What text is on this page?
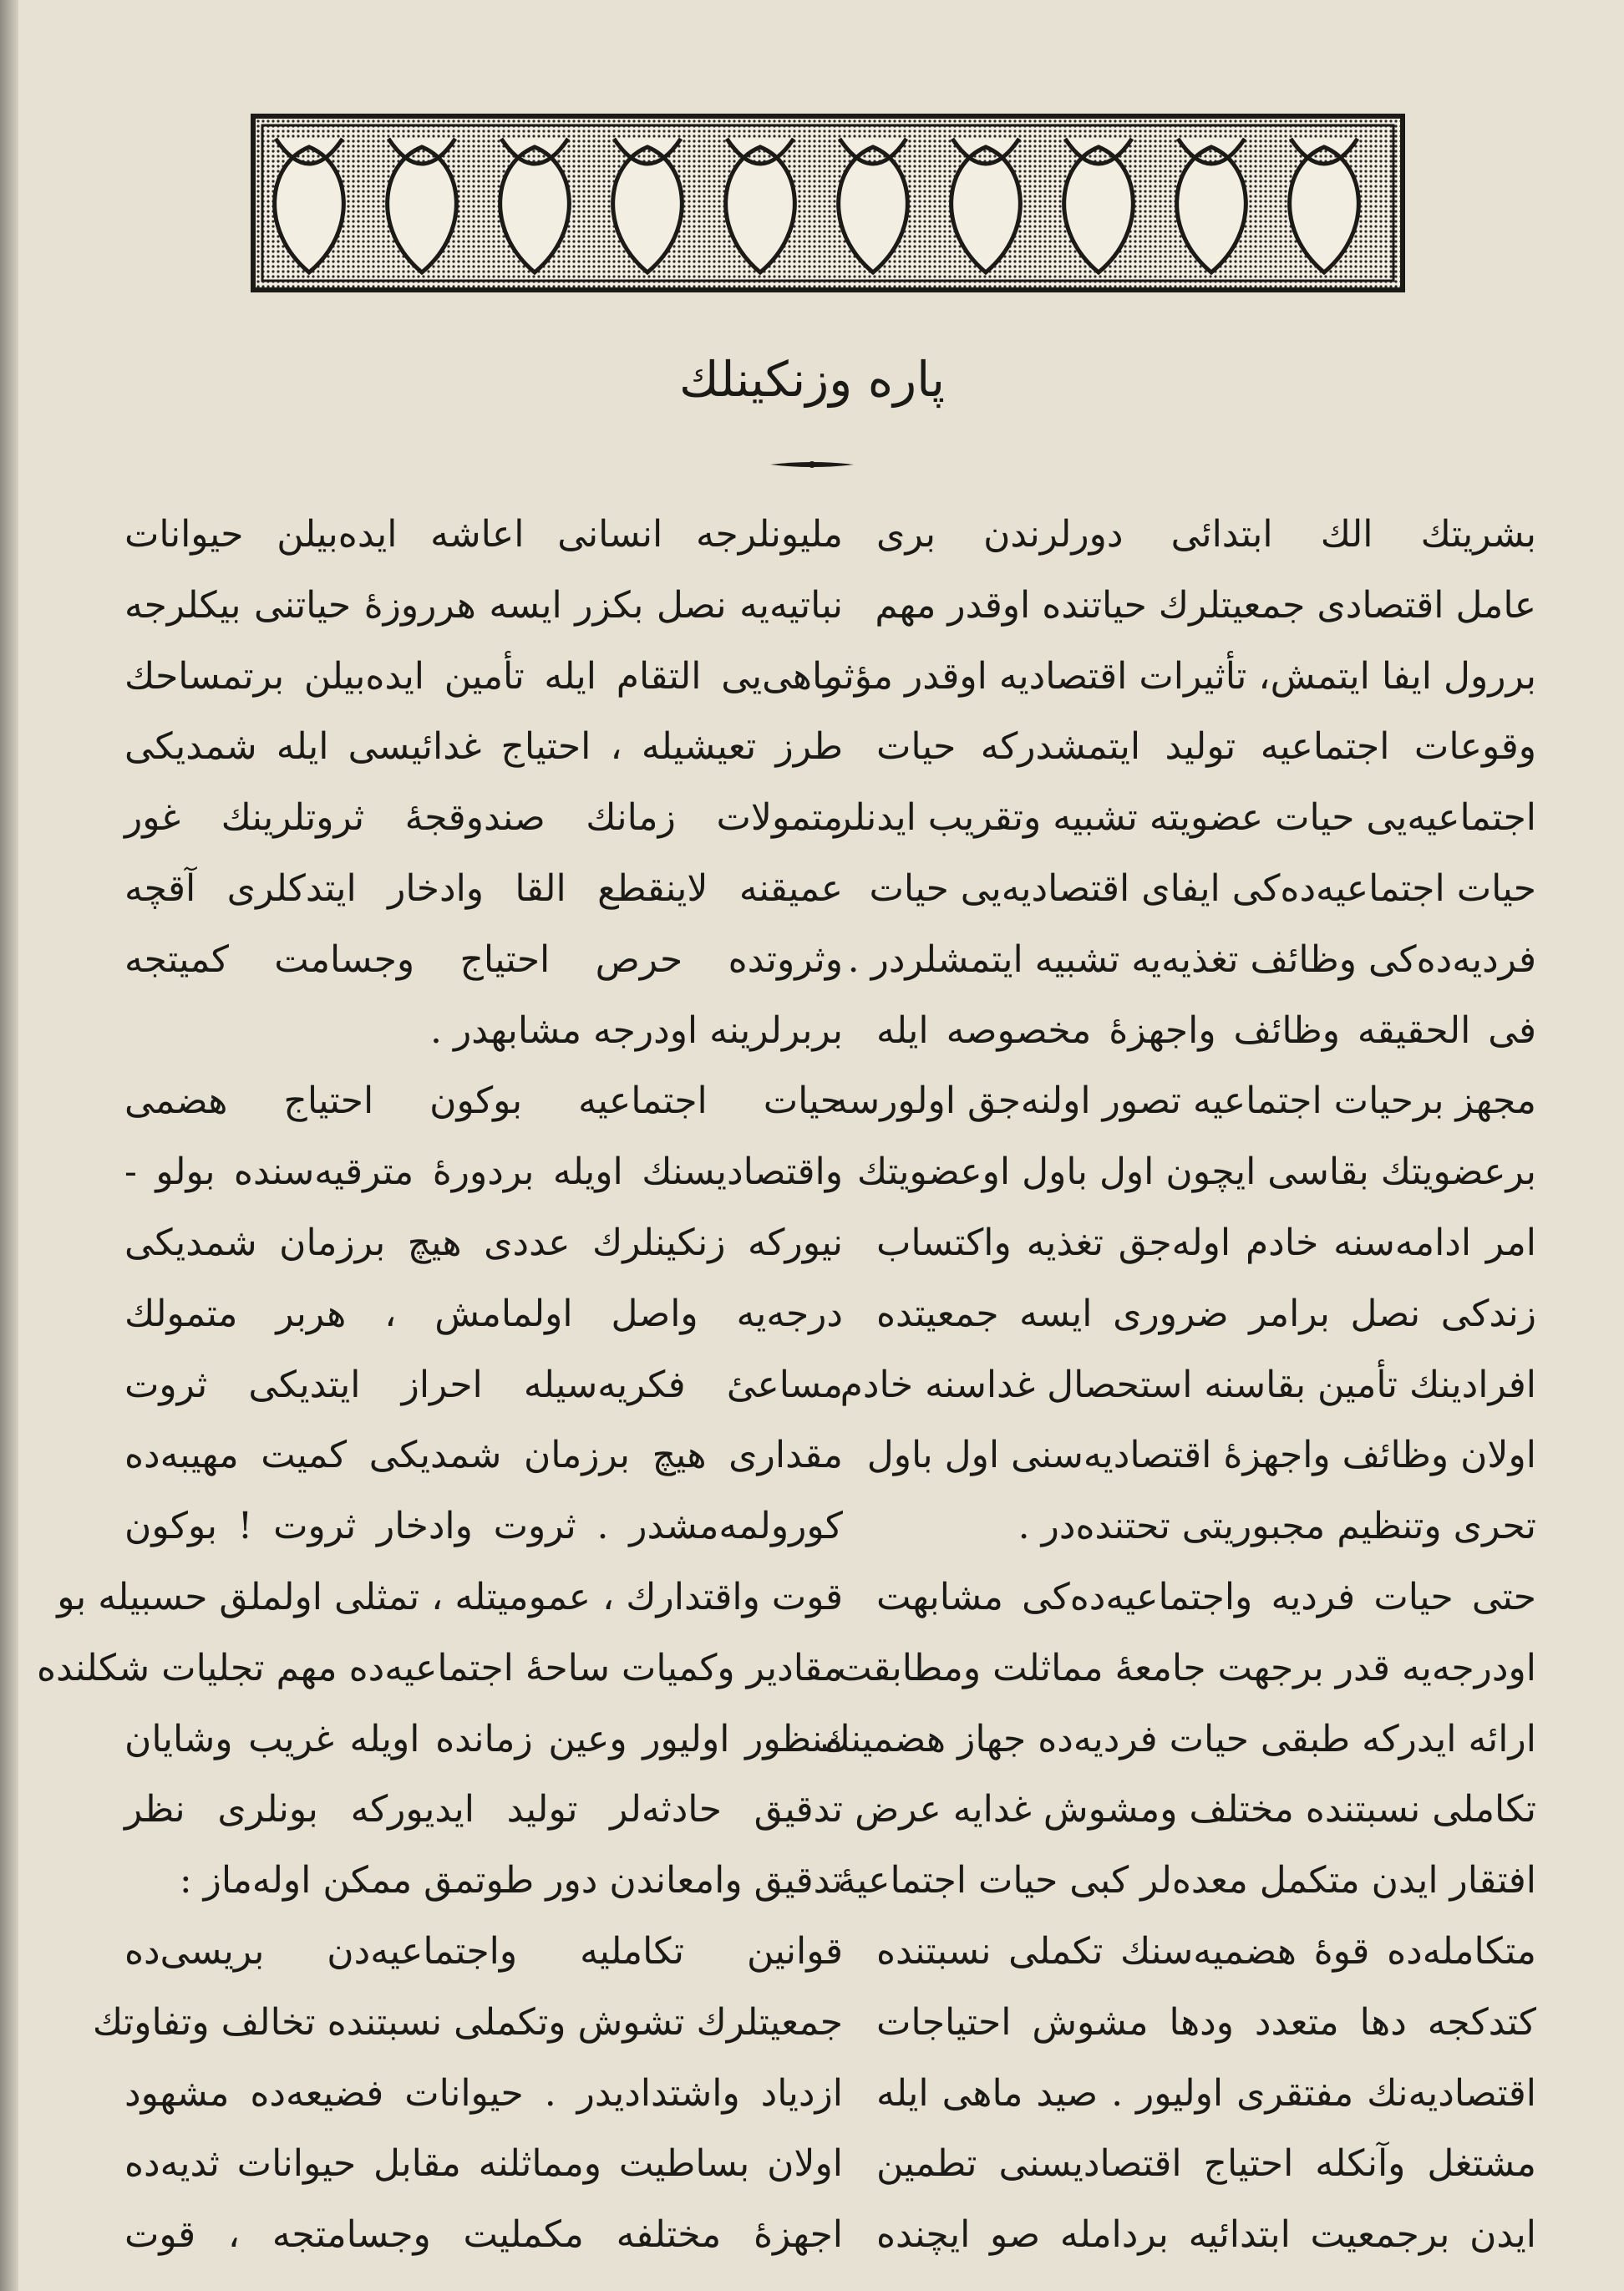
پاره وزنکینلك
بشریتك الك ابتدائی دورلرندن بری
عامل اقتصادی جمعیتلرك حیاتنده اوقدر مهم
بررول ایفا ایتمش، تأثیرات اقتصادیه اوقدر مؤثر
وقوعات اجتماعیه تولید ایتمشدرکه حیات
اجتماعیه‌یی حیات عضویته تشبیه وتقریب ایدنلر
حیات اجتماعیه‌ده‌کی ایفای اقتصادیه‌یی حیات
فردیه‌ده‌کی وظائف تغذیه‌یه تشبیه ایتمشلردر .
فی الحقیقه وظائف واجهزهٔ مخصوصه ایله
مجهز برحیات اجتماعیه تصور اولنه‌جق اولورسه
برعضویتك بقاسی ایچون اول باول اوعضویتك
امر ادامه‌سنه خادم اوله‌جق تغذیه واکتساب
زندکی نصل برامر ضروری ایسه جمعیتده
افرادینك تأمین بقاسنه استحصال غداسنه خادم
اولان وظائف واجهزهٔ اقتصادیه‌سنی اول باول
تحری وتنظیم مجبوریتی تحتنده‌در .
حتی حیات فردیه واجتماعیه‌ده‌کی مشابهت
اودرجه‌یه قدر برجهت جامعهٔ مماثلت ومطابقت
ارائه ایدرکه طبقی حیات فردیه‌ده جهاز هضمینك
تکاملی نسبتنده مختلف ومشوش غدایه عرض
افتقار ایدن متکمل معده‌لر کبی حیات اجتماعیهٔ
متکامله‌ده قوهٔ هضمیه‌سنك تکملی نسبتنده
کتدکجه دها متعدد ودها مشوش احتیاجات
اقتصادیه‌نك مفتقری اولیور . صید ماهی ایله
مشتغل وآنکله احتیاج اقتصادیسنی تطمین
ایدن برجمعیت ابتدائیه بردامله صو ایچنده
ملیونلرجه انسانی اعاشه ایده‌بیلن حیوانات
نباتیه‌یه نصل بکزر ایسه هرروزهٔ حیاتنی بیکلرجه
ماهی‌یی التقام ایله تأمین ایده‌بیلن برتمساحك
طرز تعیشیله ، احتیاج غدائیسی ایله شمدیکی
متمولات زمانك صندوقجهٔ ثروتلرینك غور
عمیقنه لاینقطع القا وادخار ایتدکلری آقچه
وثروتده حرص احتیاج وجسامت کمیتجه
بربرلرینه اودرجه مشابهدر .
حیات اجتماعیه بوکون احتیاج هضمی
واقتصادیسنك اویله بردورهٔ مترقیه‌سنده بولو -
نیورکه زنکینلرك عددی هیچ برزمان شمدیکی
درجه‌یه واصل اولمامش ، هربر متمولك
مساعیٔ فکریه‌سیله احراز ایتدیکی ثروت
مقداری هیچ برزمان شمدیکی کمیت مهیبه‌ده
کورولمه‌مشدر . ثروت وادخار ثروت ! بوکون
قوت واقتدارك ، عمومیتله ، تمثلی اولملق حسبیله بو
مقادیر وکمیات ساحهٔ اجتماعیه‌ده مهم تجلیات شکلنده
منظور اولیور وعین زمانده اویله غریب وشایان
تدقیق حادثه‌لر تولید ایدیورکه بونلری نظر
تدقیق وامعاندن دور طوتمق ممکن اوله‌ماز :
قوانین تکاملیه واجتماعیه‌دن بریسی‌ده
جمعیتلرك تشوش وتکملی نسبتنده تخالف وتفاوتك
ازدیاد واشتدادیدر . حیوانات فضیعه‌ده مشهود
اولان بساطیت ومماثلنه مقابل حیوانات ثدیه‌ده
اجهزهٔ مختلفه مکملیت وجسامتجه ، قوت
